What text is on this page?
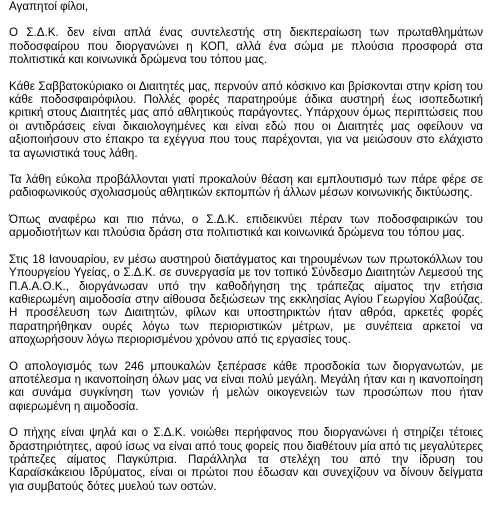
Αγαπητοί φίλοι,

Ο Σ.Δ.Κ. δεν είναι απλά ένας συντελεστής στη διεκπεραίωση των πρωταθλημάτων ποδοσφαίρου που διοργανώνει η ΚΟΠ, αλλά ένα σώμα με πλούσια προσφορά στα πολιτιστικά και κοινωνικά δρώμενα του τόπου μας.

Κάθε Σαββατοκύριακο οι Διαιτητές μας, περνούν από κόσκινο και βρίσκονται στην κρίση του κάθε ποδοσφαιρόφιλου. Πολλές φορές παρατηρούμε άδικα αυστηρή έως ισοπεδωτική κριτική στους Διαιτητές μας από αθλητικούς παράγοντες. Υπάρχουν όμως περιπτώσεις που οι αντιδράσεις είναι δικαιολογημένες και είναι εδώ που οι Διαιτητές μας οφείλουν να αξιοποιήσουν στο έπακρο τα εχέγγυα που τους παρέχονται, για να μειώσουν στο ελάχιστο τα αγωνιστικά τους λάθη.

Τα λάθη εύκολα προβάλλονται γιατί προκαλούν θέαση και εμπλουτισμό των πάρε φέρε σε ραδιοφωνικούς σχολιασμούς αθλητικών εκπομπών ή άλλων μέσων κοινωνικής δικτύωσης.

Όπως αναφέρω και πιο πάνω, ο Σ.Δ.Κ. επιδεικνύει πέραν των ποδοσφαιρικών του αρμοδιοτήτων και πλούσια δράση στα πολιτιστικά και κοινωνικά δρώμενα του τόπου μας.

Στις 18 Ιανουαρίου, εν μέσω αυστηρού διατάγματος και τηρουμένων των πρωτοκόλλων του Υπουργείου Υγείας, ο Σ.Δ.Κ. σε συνεργασία με τον τοπικό Σύνδεσμο Διαιτητών Λεμεσού της Π.Α.Α.Ο.Κ., διοργάνωσαν υπό την καθοδήγηση της τράπεζας αίματος την ετήσια καθιερωμένη αιμοδοσία στην αίθουσα δεξιώσεων της εκκλησίας Αγίου Γεωργίου Χαβούζας. Η προσέλευση των Διαιτητών, φίλων και υποστηρικτών ήταν αθρόα, αρκετές φορές παρατηρήθηκαν ουρές λόγω των περιοριστικών μέτρων, με συνέπεια αρκετοί να αποχωρήσουν λόγω περιορισμένου χρόνου από τις εργασίες τους.

Ο απολογισμός των 246 μπουκαλών ξεπέρασε κάθε προσδοκία των διοργανωτών, με αποτέλεσμα η ικανοποίηση όλων μας να είναι πολύ μεγάλη. Μεγάλη ήταν και η ικανοποίηση και συνάμα συγκίνηση των γονιών ή μελών οικογενειών των προσώπων που ήταν αφιερωμένη η αιμοδοσία.

Ο πήχης είναι ψηλά και ο Σ.Δ.Κ. νοιώθει περήφανος που διοργανώνει ή στηρίζει τέτοιες δραστηριότητες, αφού ίσως να είναι από τους φορείς που διαθέτουν μία από τις μεγαλύτερες τράπεζες αίματος Παγκύπρια. Παράλληλα τα στελέχη του από την ίδρυση του Καραϊσκάκειου Ιδρύματος, είναι οι πρώτοι που έδωσαν και συνεχίζουν να δίνουν δείγματα για συμβατούς δότες μυελού των οστών.
